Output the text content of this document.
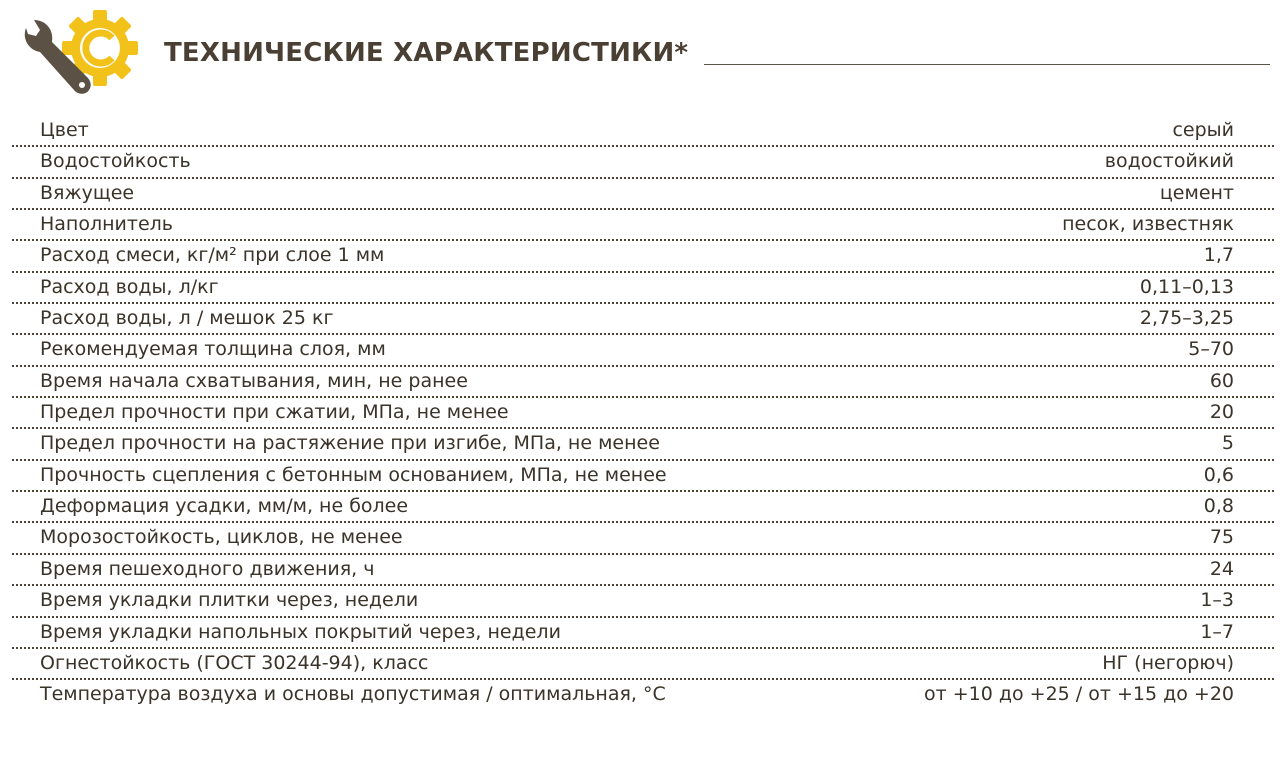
ТЕХНИЧЕСКИЕ ХАРАКТЕРИСТИКИ*
Цвет	серый
Водостойкость	водостойкий
Вяжущее	цемент
Наполнитель	песок, известняк
Расход смеси, кг/м² при слое 1 мм	1,7
Расход воды, л/кг	0,11–0,13
Расход воды, л / мешок 25 кг	2,75–3,25
Рекомендуемая толщина слоя, мм	5–70
Время начала схватывания, мин, не ранее	60
Предел прочности при сжатии, МПа, не менее	20
Предел прочности на растяжение при изгибе, МПа, не менее	5
Прочность сцепления с бетонным основанием, МПа, не менее	0,6
Деформация усадки, мм/м, не более	0,8
Морозостойкость, циклов, не менее	75
Время пешеходного движения, ч	24
Время укладки плитки через, недели	1–3
Время укладки напольных покрытий через, недели	1–7
Огнестойкость (ГОСТ 30244-94), класс	НГ (негорюч)
Температура воздуха и основы допустимая / оптимальная, °С	от +10 до +25 / от +15 до +20
